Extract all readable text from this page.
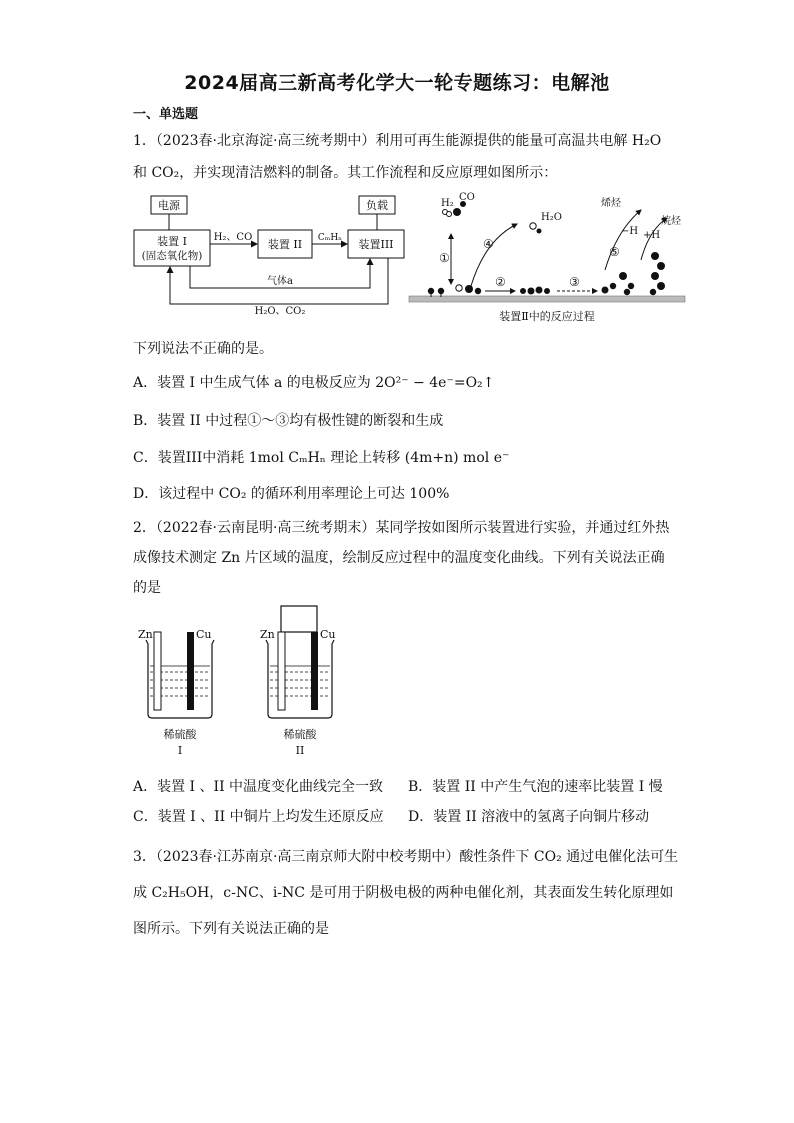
2024届高三新高考化学大一轮专题练习：电解池
一、单选题
1．（2023春·北京海淀·高三统考期中）利用可再生能源提供的能量可高温共电解 H₂O
和 CO₂，并实现清洁燃料的制备。其工作流程和反应原理如图所示：
电源	负载
装置 I
(固态氧化物)
装置 II	装置III
H₂、CO	CₘHₙ
气体a
H₂O、CO₂
H₂
CO
H₂O
烯烃
烷烃
−H +H
①
④
②	③
⑤
装置Ⅱ中的反应过程
下列说法不正确的是。
A．装置 I 中生成气体 a 的电极反应为 2O²⁻ − 4e⁻=O₂↑
B．装置 II 中过程①～③均有极性键的断裂和生成
C．装置III中消耗 1mol CₘHₙ 理论上转移 (4m+n) mol e⁻
D．该过程中 CO₂ 的循环利用率理论上可达 100%
2．（2022春·云南昆明·高三统考期末）某同学按如图所示装置进行实验，并通过红外热
成像技术测定 Zn 片区域的温度，绘制反应过程中的温度变化曲线。下列有关说法正确
的是
Zn	Cu	Zn	Cu
稀硫酸
I
稀硫酸
II
A．装置 I 、II 中温度变化曲线完全一致 B．装置 II 中产生气泡的速率比装置 I 慢
C．装置 I 、II 中铜片上均发生还原反应 D．装置 II 溶液中的氢离子向铜片移动
3．（2023春·江苏南京·高三南京师大附中校考期中）酸性条件下 CO₂ 通过电催化法可生
成 C₂H₅OH，c-NC、i-NC 是可用于阴极电极的两种电催化剂，其表面发生转化原理如
图所示。下列有关说法正确的是
